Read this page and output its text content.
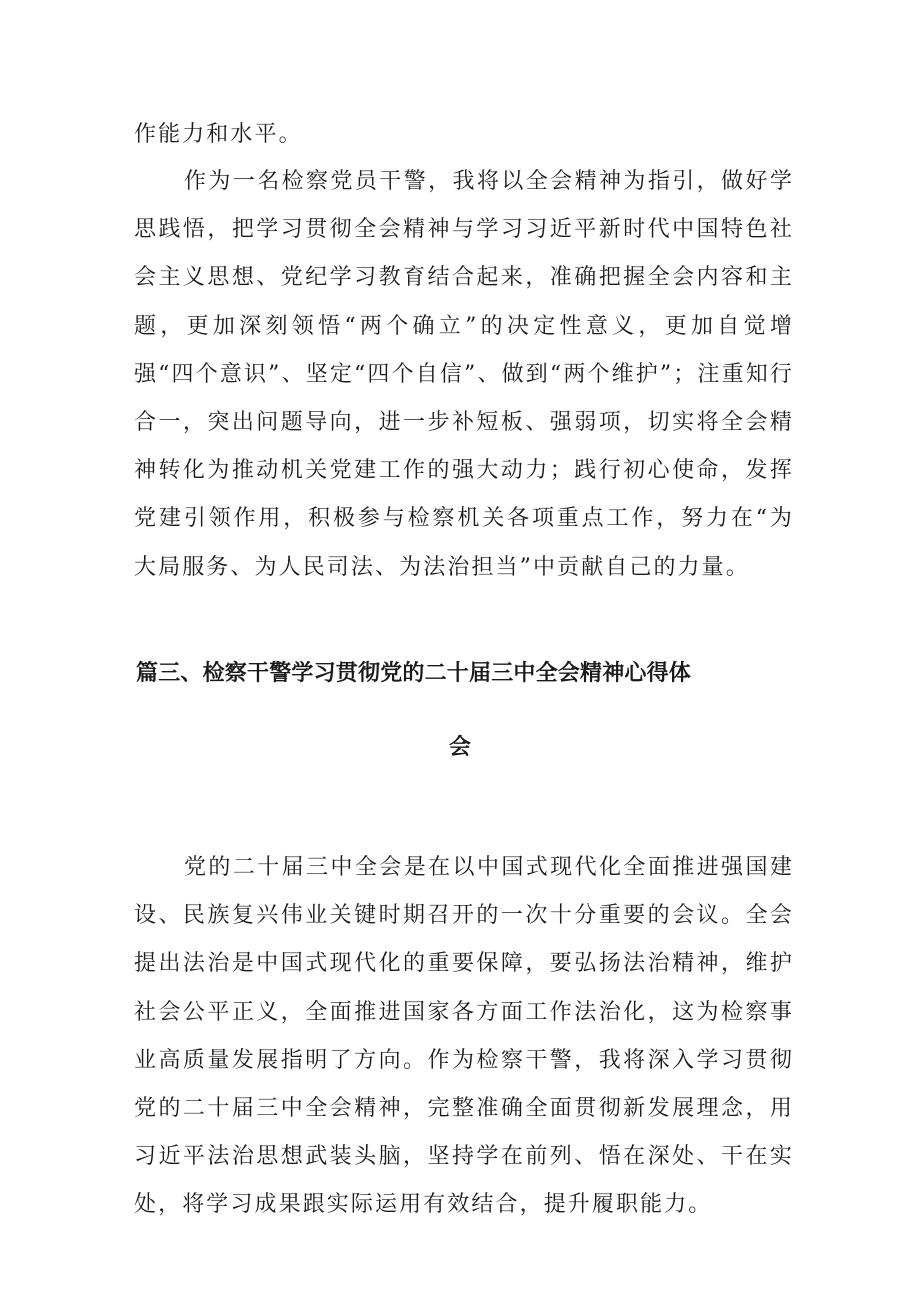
作能力和水平。

作为一名检察党员干警，我将以全会精神为指引，做好学思践悟，把学习贯彻全会精神与学习习近平新时代中国特色社会主义思想、党纪学习教育结合起来，准确把握全会内容和主题，更加深刻领悟“两个确立”的决定性意义，更加自觉增强“四个意识”、坚定“四个自信”、做到“两个维护”；注重知行合一，突出问题导向，进一步补短板、强弱项，切实将全会精神转化为推动机关党建工作的强大动力；践行初心使命，发挥党建引领作用，积极参与检察机关各项重点工作，努力在“为大局服务、为人民司法、为法治担当”中贡献自己的力量。

篇三、检察干警学习贯彻党的二十届三中全会精神心得体
会

党的二十届三中全会是在以中国式现代化全面推进强国建设、民族复兴伟业关键时期召开的一次十分重要的会议。全会提出法治是中国式现代化的重要保障，要弘扬法治精神，维护社会公平正义，全面推进国家各方面工作法治化，这为检察事业高质量发展指明了方向。作为检察干警，我将深入学习贯彻党的二十届三中全会精神，完整准确全面贯彻新发展理念，用习近平法治思想武装头脑，坚持学在前列、悟在深处、干在实处，将学习成果跟实际运用有效结合，提升履职能力。
